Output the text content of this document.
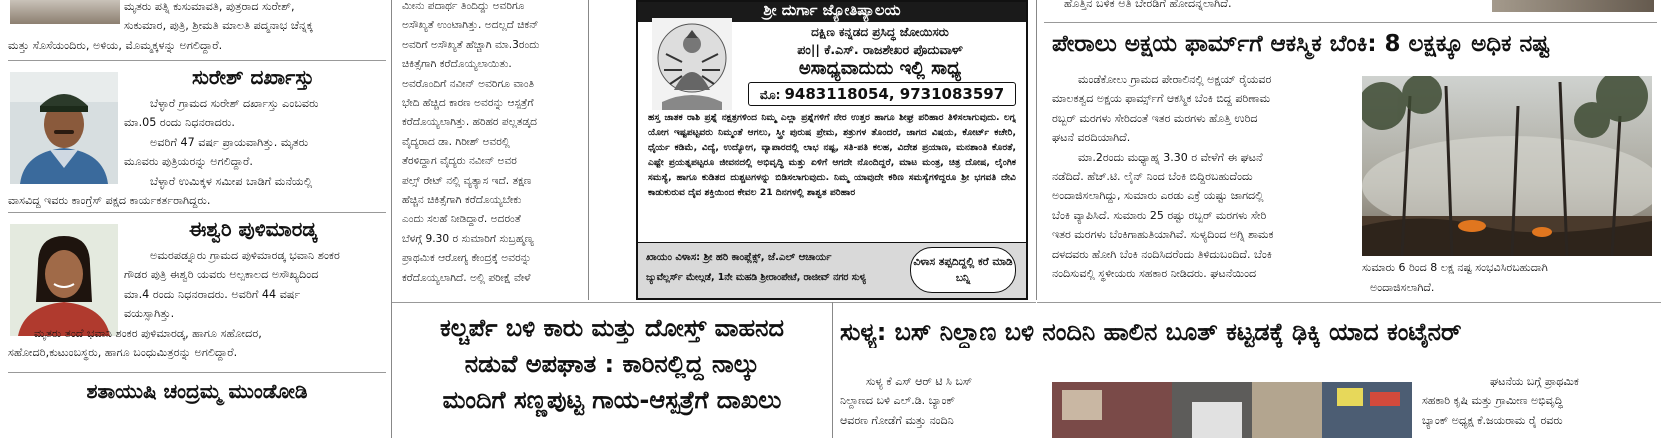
ಮೃತರು ಪತ್ನಿ ಕುಸುಮಾವತಿ, ಪುತ್ರರಾದ ಸುರೇಶ್,

ಸುಕುಮಾರ, ಪುತ್ರಿ, ಶ್ರೀಮತಿ ಮಾಲತಿ ಪದ್ಮನಾಭ ಚೆನ್ನಕ್ಕ

ಮತ್ತು ಸೊಸೆಯಂದಿರು, ಅಳಿಯ, ಮೊಮ್ಮಕ್ಕಳನ್ನು ಅಗಲಿದ್ದಾರೆ.

ಸುರೇಶ್ ದರ್ಖಾಸ್ತು

ಬೆಳ್ಳಾರೆ ಗ್ರಾಮದ ಸುರೇಶ್ ದರ್ಖಾಸ್ತು ಎಂಬವರು

ಮಾ.05 ರಂದು ನಿಧನರಾದರು.

ಅವರಿಗೆ 47 ವರ್ಷ ಪ್ರಾಯವಾಗಿತ್ತು. ಮೃತರು

ಮೂವರು ಪುತ್ರಿಯರನ್ನು ಅಗಲಿದ್ದಾರೆ.

ಬೆಳ್ಳಾರೆ ಉಮಿಕ್ಕಳ ಸಮೀಪ ಬಾಡಿಗೆ ಮನೆಯಲ್ಲಿ

ವಾಸವಿದ್ದ ಇವರು ಕಾಂಗ್ರೆಸ್ ಪಕ್ಷದ ಕಾರ್ಯಕರ್ತರಾಗಿದ್ದರು.

ಈಶ್ವರಿ ಪುಳಿಮಾರಡ್ಕ

ಅಮರಪಡ್ನೂರು ಗ್ರಾಮದ ಪುಳಿಮಾರಡ್ಕ ಭವಾನಿ ಶಂಕರ

ಗೌಡರ ಪುತ್ರಿ ಈಶ್ವರಿ ಯವರು ಅಲ್ಪಕಾಲದ ಅಸೌಖ್ಯದಿಂದ

ಮಾ.4 ರಂದು ನಿಧನರಾದರು. ಅವರಿಗೆ 44 ವರ್ಷ

ವಯಸ್ಸಾಗಿತ್ತು.

ಮೃತರು ತಂದೆ ಭವಾನಿ ಶಂಕರ ಪುಳಿಮಾರಡ್ಕ, ಹಾಗೂ ಸಹೋದರ,

ಸಹೋದರಿ,ಕುಟುಂಬಸ್ಥರು, ಹಾಗೂ ಬಂಧುಮಿತ್ರರನ್ನು ಅಗಲಿದ್ದಾರೆ.

ಶತಾಯುಷಿ ಚಂದ್ರಮ್ಮ ಮುಂಡೋಡಿ

ಮೀನು ಪದಾರ್ಥ ತಿಂದಿದ್ದು ಅವರಿಗೂ

ಅಸೌಖ್ಯತೆ ಉಂಟಾಗಿತ್ತು. ಅದಲ್ಲದೆ ಚಿಕನ್

ಅವರಿಗೆ ಅಸೌಖ್ಯತೆ ಹೆಚ್ಚಾಗಿ ಮಾ.3ರಂದು

ಚಿಕಿತ್ಸೆಗಾಗಿ ಕರೆದೊಯ್ಯಲಾಯಿತು.

ಅವರೊಂದಿಗೆ ನವೀನ್ ಅವರಿಗೂ ವಾಂತಿ

ಭೇದಿ ಹೆಚ್ಚಿದ ಕಾರಣ ಅವರನ್ನು ಆಸ್ಪತ್ರೆಗೆ

ಕರೆದೊಯ್ಯಲಾಗಿತ್ತು. ಹರಿಹರ ಪಲ್ಲತಡ್ಕದ

ವೈದ್ಯರಾದ ಡಾ. ಗಿರೀಶ್ ಅವರಲ್ಲಿ

ತೆರಳಿದ್ದಾಗ ವೈದ್ಯರು ನವೀನ್ ಅವರ

ಪಲ್ಸ್ ರೇಟ್ ನಲ್ಲಿ ವ್ಯತ್ಯಾಸ ಇದೆ. ತಕ್ಷಣ

ಹೆಚ್ಚಿನ ಚಿಕಿತ್ಸೆಗಾಗಿ ಕರೆದೊಯ್ಯಬೇಕು

ಎಂದು ಸಲಹೆ ನೀಡಿದ್ದಾರೆ. ಅದರಂತೆ

ಬೆಳಗ್ಗೆ 9.30 ರ ಸುಮಾರಿಗೆ ಸುಬ್ರಹ್ಮಣ್ಯ

ಪ್ರಾಥಮಿಕ ಆರೋಗ್ಯ ಕೇಂದ್ರಕ್ಕೆ ಅವರನ್ನು

ಕರೆದೊಯ್ಯಲಾಗಿದೆ. ಅಲ್ಲಿ ಪರೀಕ್ಷೆ ವೇಳೆ

ಶ್ರೀ ದುರ್ಗಾ ಜ್ಯೋತಿಷ್ಯಾಲಯ
ದಕ್ಷಿಣ ಕನ್ನಡದ ಪ್ರಸಿದ್ಧ ಜೋಯಿಸರು
ಪಂ|| ಕೆ.ಎಸ್. ರಾಜಶೇಖರ ಪೊದುವಾಳ್
ಅಸಾಧ್ಯವಾದುದು ಇಲ್ಲಿ ಸಾಧ್ಯ
ಮೊ: 9483118054, 9731083597
ಹಸ್ತ ಜಾತಕ ರಾಶಿ ಪ್ರಶ್ನೆ ನಕ್ಷತ್ರಗಳಿಂದ ನಿಮ್ಮ ಎಲ್ಲಾ ಪ್ರಶ್ನೆಗಳಿಗೆ ನೇರ ಉತ್ತರ ಹಾಗೂ ಶೀಘ್ರ ಪರಿಹಾರ ತಿಳಿಸಲಾಗುವುದು. ಲಗ್ನ ಯೋಗ ಇಷ್ಟಪಟ್ಟವರು ನಿಮ್ಮಂತೆ ಆಗಲು, ಸ್ತ್ರೀ ಪುರುಷ ಪ್ರೇಮ, ಶತ್ರುಗಳ ತೊಂದರೆ, ಜಾಗದ ವಿಷಯ, ಕೋರ್ಟ್ ಕಚೇರಿ, ಧೈರ್ಯ ಕಡಿಮೆ, ವಿದ್ಯೆ, ಉದ್ಯೋಗ, ವ್ಯಾಪಾರದಲ್ಲಿ ಲಾಭ ನಷ್ಟ, ಸತಿ-ಪತಿ ಕಲಹ, ವಿದೇಶ ಪ್ರಯಾಣ, ಮನಶಾಂತಿ ಕೊರತೆ, ಎಷ್ಟೇ ಪ್ರಯತ್ನಪಟ್ಟರೂ ಜೀವನದಲ್ಲಿ ಅಭಿವೃದ್ಧಿ ಮತ್ತು ಏಳಿಗೆ ಆಗದೇ ನೊಂದಿದ್ದರೆ, ಮಾಟ ಮಂತ್ರ, ಚಿತ್ರ ದೋಷ, ಲೈಂಗಿಕ ಸಮಸ್ಯೆ, ಹಾಗೂ ಕುಡಿತದ ದುಶ್ಚಟಗಳನ್ನು ಬಿಡಿಸಲಾಗುವುದು. ನಿಮ್ಮ ಯಾವುದೇ ಕಠಿಣ ಸಮಸ್ಯೆಗಳಿದ್ದರೂ ಶ್ರೀ ಭಗವತಿ ದೇವಿ ಕಾಡುಕುರುವ ದೈವ ಶಕ್ತಿಯಿಂದ ಕೇವಲ 21 ದಿನಗಳಲ್ಲಿ ಶಾಶ್ವತ ಪರಿಹಾರ
ಖಾಯಂ ವಿಳಾಸ: ಶ್ರೀ ಹರಿ ಕಾಂಪ್ಲೆಕ್ಸ್, ಜೆ.ಎಲ್ ಆಚಾರ್ಯ
ಜ್ಯುವೆಲ್ಲರ್ಸ್ ಮೇಲ್ಗಡೆ, 1ನೇ ಮಹಡಿ ಶ್ರೀರಾಂಪೇಟೆ, ರಾಜೀವ್ ನಗರ ಸುಳ್ಯ
ವಿಳಾಸ ತಪ್ಪದಿದ್ದಲ್ಲಿ ಕರೆ ಮಾಡಿ ಬನ್ನಿ
ಕಲ್ಚರ್ಪೆ ಬಳಿ ಕಾರು ಮತ್ತು ದೋಸ್ತ್ ವಾಹನದ
ನಡುವೆ ಅಪಘಾತ : ಕಾರಿನಲ್ಲಿದ್ದ ನಾಲ್ಕು
ಮಂದಿಗೆ ಸಣ್ಣಪುಟ್ಟ ಗಾಯ-ಆಸ್ಪತ್ರೆಗೆ ದಾಖಲು
ಹೊತ್ತಿನ ಬಳಿಕ ಅತಿ ಬೇರಡಿಗೆ ಹೋದನ್ನಲಾಗಿದೆ.
ಪೇರಾಲು ಅಕ್ಷಯ ಫಾರ್ಮ್‌ಗೆ ಆಕಸ್ಮಿಕ ಬೆಂಕಿ: 8 ಲಕ್ಷಕ್ಕೂ ಅಧಿಕ ನಷ್ಟ

ಮಂಡೆಕೋಲು ಗ್ರಾಮದ ಪೇರಾಲಿನಲ್ಲಿ ಅಕ್ಷಯ್ ರೈಯವರ

ಮಾಲಕತ್ವದ ಅಕ್ಷಯ ಫಾರ್ಮ್ಸ್‌ಗೆ ಆಕಸ್ಮಿಕ ಬೆಂಕಿ ಬಿದ್ದ ಪರಿಣಾಮ

ರಬ್ಬರ್ ಮರಗಳು ಸೇರಿದಂತೆ ಇತರ ಮರಗಳು ಹೊತ್ತಿ ಉರಿದ

ಘಟನೆ ವರದಿಯಾಗಿದೆ.

ಮಾ.2ರಂದು ಮಧ್ಯಾಹ್ನ 3.30 ರ ವೇಳೆಗೆ ಈ ಘಟನೆ

ನಡೆದಿದೆ. ಹೆಚ್.ಟಿ. ಲೈನ್ ನಿಂದ ಬೆಂಕಿ ಬಿದ್ದಿರಬಹುದೆಂದು

ಅಂದಾಜಿಸಲಾಗಿದ್ದು, ಸುಮಾರು ಎರಡು ಎಕ್ರೆ ಯಷ್ಟು ಜಾಗದಲ್ಲಿ

ಬೆಂಕಿ ವ್ಯಾಪಿಸಿದೆ. ಸುಮಾರು 25 ರಷ್ಟು ರಬ್ಬರ್ ಮರಗಳು ಸೇರಿ

ಇತರ ಮರಗಳು ಬೆಂಕಿಗಾಹುತಿಯಾಗಿವೆ. ಸುಳ್ಯದಿಂದ ಅಗ್ನಿ ಶಾಮಕ

ದಳದವರು ಹೋಗಿ ಬೆಂಕಿ ನಂದಿಸಿದರೆಂದು ತಿಳಿದುಬಂದಿದೆ. ಬೆಂಕಿ

ನಂದಿಸುವಲ್ಲಿ ಸ್ಥಳೀಯರು ಸಹಕಾರ ನೀಡಿದರು. ಘಟನೆಯಿಂದ	ಸುಮಾರು 6 ರಿಂದ 8 ಲಕ್ಷ ನಷ್ಟ ಸಂಭವಿಸಿರಬಹುದಾಗಿ

ಅಂದಾಜಿಸಲಾಗಿದೆ.

ಸುಳ್ಯ: ಬಸ್ ನಿಲ್ದಾಣ ಬಳಿ ನಂದಿನಿ ಹಾಲಿನ ಬೂತ್ ಕಟ್ಟಡಕ್ಕೆ ಢಿಕ್ಕಿ ಯಾದ ಕಂಟೈನರ್

ಸುಳ್ಯ ಕೆ ಎಸ್ ಆರ್ ಟಿ ಸಿ ಬಸ್

ನಿಲ್ದಾಣದ ಬಳಿ ಎಲ್.ಡಿ. ಬ್ಯಾಂಕ್

ಆವರಣ ಗೋಡೆಗೆ ಮತ್ತು ನಂದಿನಿ

ಘಟನೆಯ ಬಗ್ಗೆ ಪ್ರಾಥಮಿಕ

ಸಹಕಾರಿ ಕೃಷಿ ಮತ್ತು ಗ್ರಾಮೀಣ ಅಭಿವೃದ್ಧಿ

ಬ್ಯಾಂಕ್ ಅಧ್ಯಕ್ಷ ಕೆ.ಜಯರಾಮ ರೈ ರವರು
